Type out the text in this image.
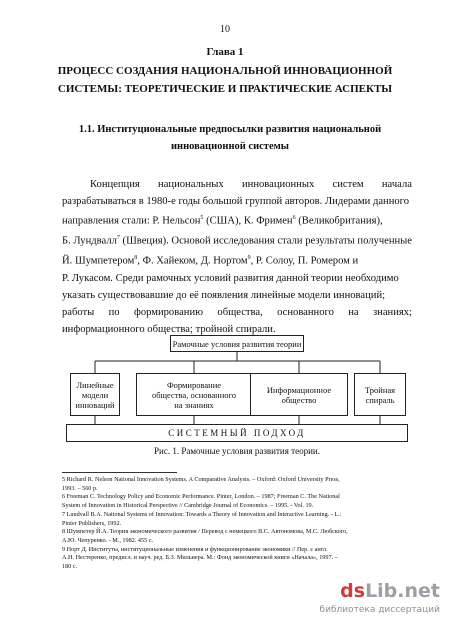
10
Глава 1
ПРОЦЕСС СОЗДАНИЯ НАЦИОНАЛЬНОЙ ИННОВАЦИОННОЙ
СИСТЕМЫ: ТЕОРЕТИЧЕСКИЕ И ПРАКТИЧЕСКИЕ АСПЕКТЫ
1.1. Институциональные предпосылки развития национальной
инновационной системы
Концепция национальных инновационных систем начала
разрабатываться в 1980-е годы большой группой авторов. Лидерами данного
направления стали: Р. Нельсон$^5$ (США), К. Фримен$^6$ (Великобритания),
Б. Лундвалл$^7$ (Швеция). Основой исследования стали результаты полученные
Й. Шумпетером$^8$, Ф. Хайеком, Д. Нортом$^9$, Р. Солоу, П. Ромером и
Р. Лукасом. Среди рамочных условий развития данной теории необходимо
указать существовавшие до её появления линейные модели инноваций;
работы по формированию общества, основанного на знаниях;
информационного общества; тройной спирали.
Рамочные условия развития теории
Линейные
модели
инноваций
Формирование
общества, основанного
на знаниях
Информационное
общество
Тройная
спираль
СИСТЕМНЫЙ ПОДХОД
Рис. 1. Рамочные условия развития теории.
5 Richard R. Nelson National Innovation Systems. A Comparative Analysis. – Oxford: Oxford University Press,
1993. – 560 p.
6 Freeman C. Technology Policy and Economic Performance. Pinter, London. – 1987; Freeman C. The National
System of Innovation in Historical Perspective // Cambridge Journal of Economics. – 1995. - Vol. 19.
7 Lundvall B.A. National Systems of Innovation: Towards a Theory of Innovation and Interactive Learning. - L.:
Pinter Publishers, 1992.
8 Шумпетер Й.А. Теория экономического развития / Перевод с немецкого В.С. Автономова, М.С. Любского,
А.Ю. Чепуренко. - М., 1982. 455 с.
9 Норт Д. Институты, институциональные изменения и функционирование экономики // Пер. с англ.
А.Н. Нестеренко, предисл. и науч. ред. Б.З. Мильнера. М.: Фонд экономической книги «Начала», 1997. –
180 с.
dsLib.net
библиотека диссертаций
